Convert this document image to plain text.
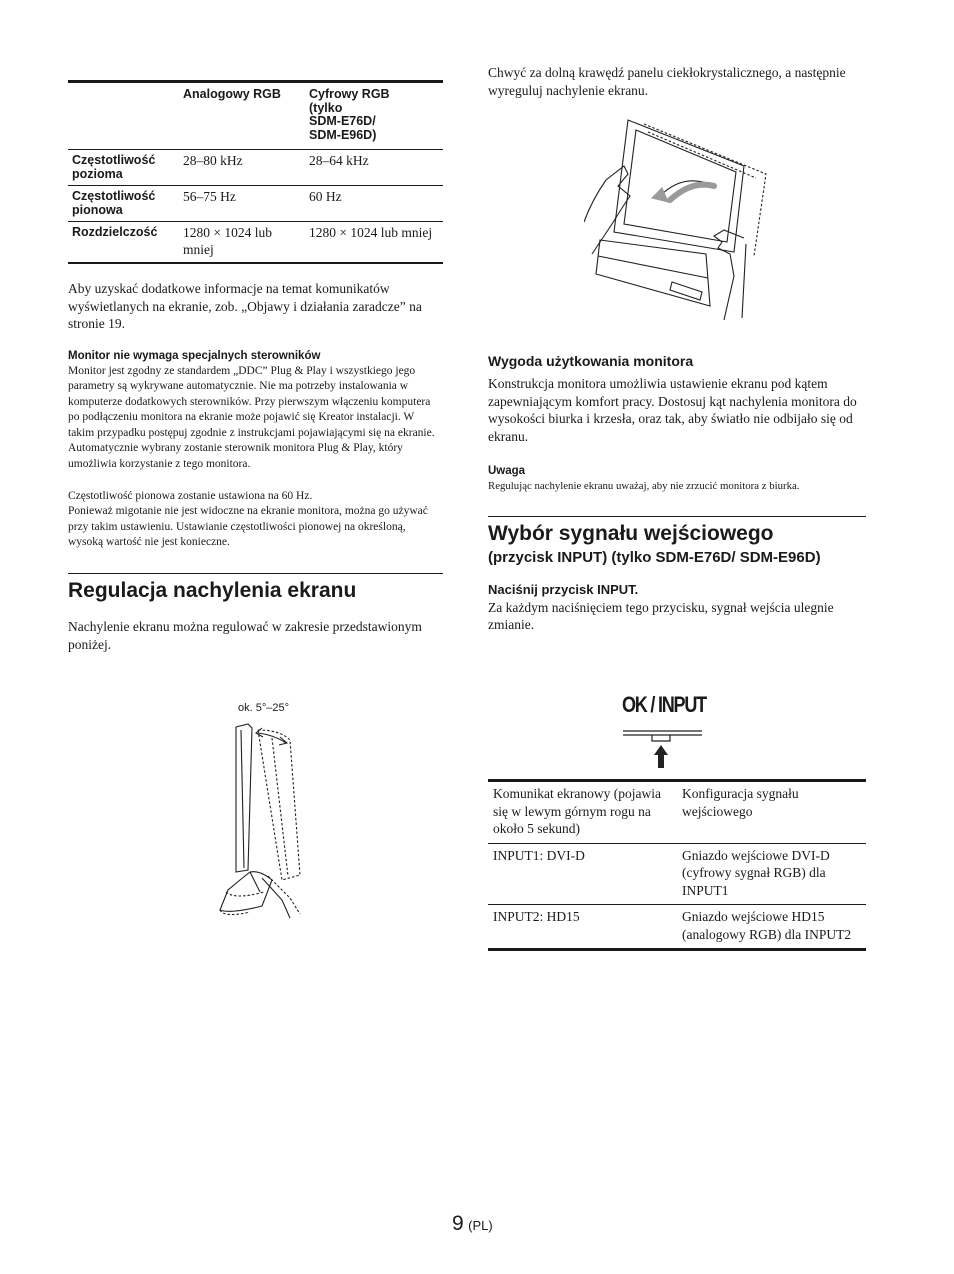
	Analogowy RGB	Cyfrowy RGB
(tylko
SDM-E76D/
SDM-E96D)
Częstotliwość pozioma	28–80 kHz	28–64 kHz
Częstotliwość pionowa	56–75 Hz	60 Hz
Rozdzielczość	1280 × 1024 lub mniej	1280 × 1024 lub mniej

Aby uzyskać dodatkowe informacje na temat komunikatów wyświetlanych na ekranie, zob. „Objawy i działania zaradcze” na stronie 19.

Monitor nie wymaga specjalnych sterowników

Monitor jest zgodny ze standardem „DDC” Plug & Play i wszystkiego jego parametry są wykrywane automatycznie. Nie ma potrzeby instalowania w komputerze dodatkowych sterowników. Przy pierwszym włączeniu komputera po podłączeniu monitora na ekranie może pojawić się Kreator instalacji. W takim przypadku postępuj zgodnie z instrukcjami pojawiającymi się na ekranie. Automatycznie wybrany zostanie sterownik monitora Plug & Play, który umożliwia korzystanie z tego monitora.

Częstotliwość pionowa zostanie ustawiona na 60 Hz.
Ponieważ migotanie nie jest widoczne na ekranie monitora, można go używać przy takim ustawieniu. Ustawianie częstotliwości pionowej na określoną, wysoką wartość nie jest konieczne.

Regulacja nachylenia ekranu

Nachylenie ekranu można regulować w zakresie przedstawionym poniżej.

ok. 5°–25°

Chwyć za dolną krawędź panelu ciekłokrystalicznego, a następnie wyreguluj nachylenie ekranu.

Wygoda użytkowania monitora

Konstrukcja monitora umożliwia ustawienie ekranu pod kątem zapewniającym komfort pracy. Dostosuj kąt nachylenia monitora do wysokości biurka i krzesła, oraz tak, aby światło nie odbijało się od ekranu.

Uwaga

Regulując nachylenie ekranu uważaj, aby nie zrzucić monitora z biurka.

Wybór sygnału wejściowego
(przycisk INPUT) (tylko SDM-E76D/ SDM-E96D)
Naciśnij przycisk INPUT.

Za każdym naciśnięciem tego przycisku, sygnał wejścia ulegnie zmianie.

OK / INPUT
Komunikat ekranowy (pojawia się w lewym górnym rogu na około 5 sekund)	Konfiguracja sygnału wejściowego
INPUT1: DVI-D	Gniazdo wejściowe DVI-D (cyfrowy sygnał RGB) dla INPUT1
INPUT2: HD15	Gniazdo wejściowe HD15 (analogowy RGB) dla INPUT2
9 (PL)
